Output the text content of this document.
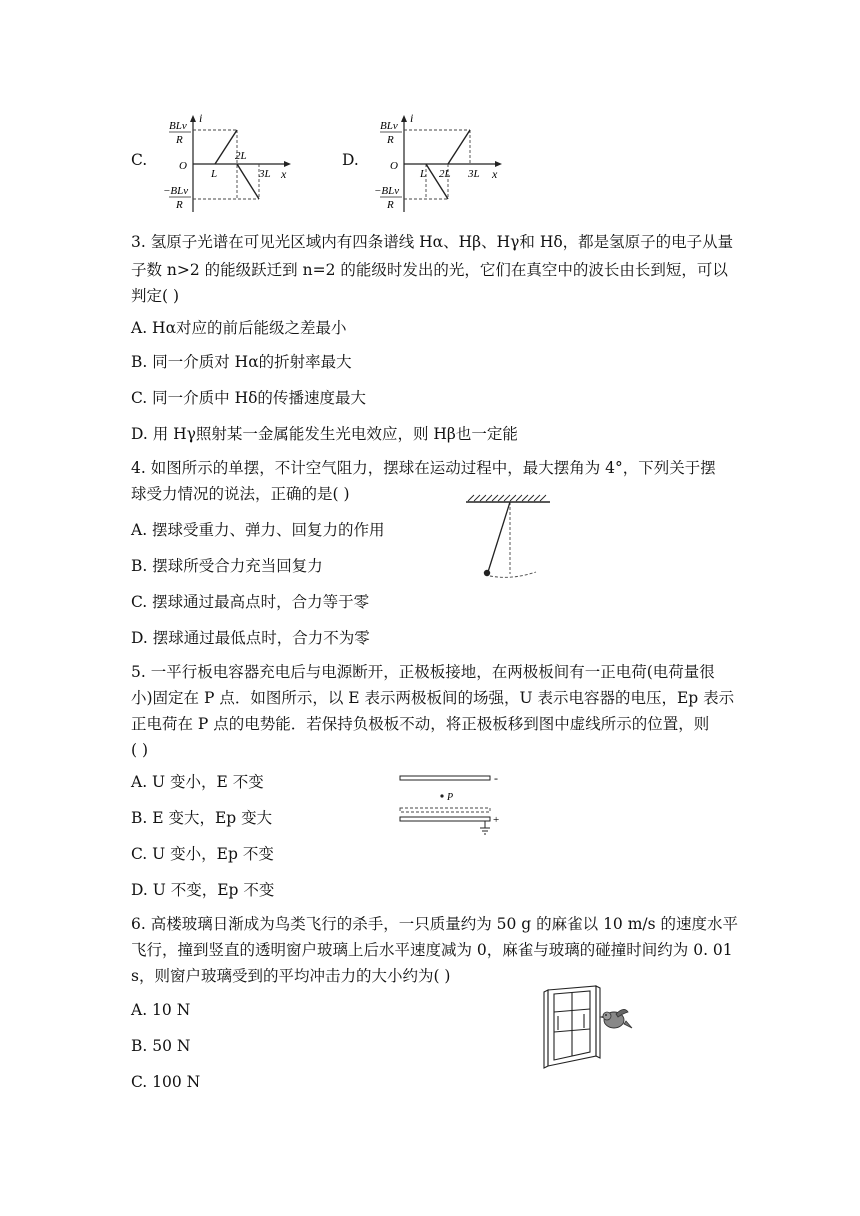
C.
i
x
BLv
R
O
−BLv
R
L
2L
3L
D.
i
x
BLv
R
O
−BLv
R
L 2L 3L
3. 氢原子光谱在可见光区域内有四条谱线 Hα、Hβ、Hγ和 Hδ，都是氢原子的电子从量
子数 n>2 的能级跃迁到 n=2 的能级时发出的光，它们在真空中的波长由长到短，可以
判定( )
A. Hα对应的前后能级之差最小
B. 同一介质对 Hα的折射率最大
C. 同一介质中 Hδ的传播速度最大
D. 用 Hγ照射某一金属能发生光电效应，则 Hβ也一定能
4. 如图所示的单摆，不计空气阻力，摆球在运动过程中，最大摆角为 4°，下列关于摆
球受力情况的说法，正确的是( )
A. 摆球受重力、弹力、回复力的作用
B. 摆球所受合力充当回复力
C. 摆球通过最高点时，合力等于零
D. 摆球通过最低点时，合力不为零
5. 一平行板电容器充电后与电源断开，正极板接地，在两极板间有一正电荷(电荷量很
小)固定在 P 点．如图所示，以 E 表示两极板间的场强，U 表示电容器的电压，Ep 表示
正电荷在 P 点的电势能．若保持负极板不动，将正极板移到图中虚线所示的位置，则
( )
A. U 变小，E 不变
B. E 变大，Ep 变大
C. U 变小，Ep 不变
D. U 不变，Ep 不变
-
P
+
6. 高楼玻璃日渐成为鸟类飞行的杀手，一只质量约为 50 g 的麻雀以 10 m/s 的速度水平
飞行，撞到竖直的透明窗户玻璃上后水平速度减为 0，麻雀与玻璃的碰撞时间约为 0. 01
s，则窗户玻璃受到的平均冲击力的大小约为( )
A. 10 N
B. 50 N
C. 100 N
